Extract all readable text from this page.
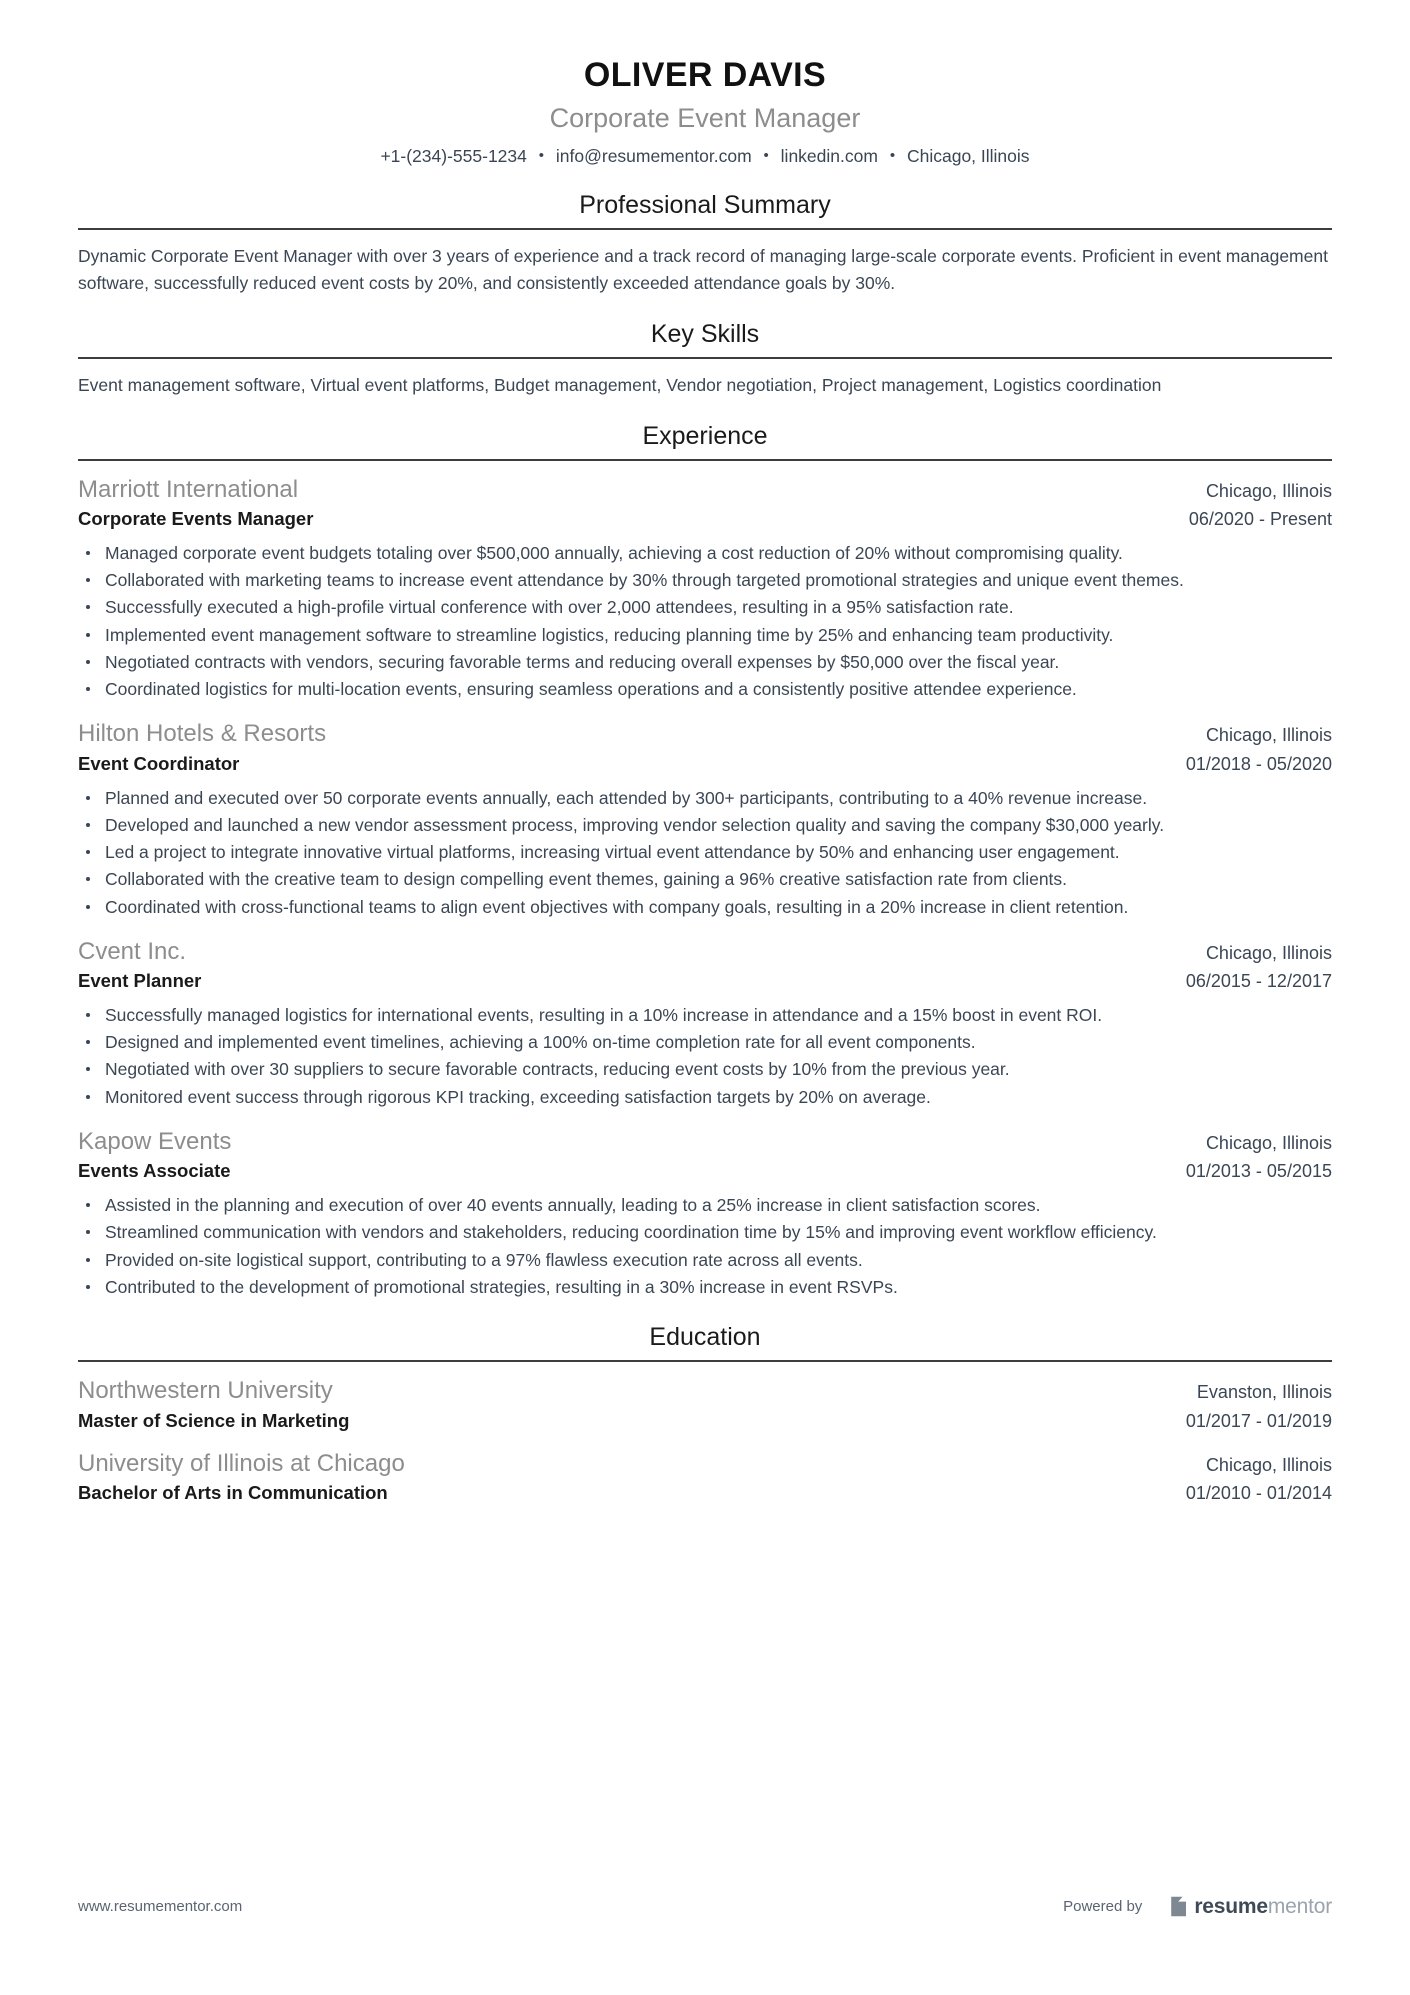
OLIVER DAVIS
Corporate Event Manager
+1-(234)-555-1234 • info@resumementor.com • linkedin.com • Chicago, Illinois
Professional Summary
Dynamic Corporate Event Manager with over 3 years of experience and a track record of managing large-scale corporate events. Proficient in event management software, successfully reduced event costs by 20%, and consistently exceeded attendance goals by 30%.
Key Skills
Event management software, Virtual event platforms, Budget management, Vendor negotiation, Project management, Logistics coordination
Experience
Marriott International	Chicago, Illinois
Corporate Events Manager	06/2020 - Present
Managed corporate event budgets totaling over $500,000 annually, achieving a cost reduction of 20% without compromising quality.
Collaborated with marketing teams to increase event attendance by 30% through targeted promotional strategies and unique event themes.
Successfully executed a high-profile virtual conference with over 2,000 attendees, resulting in a 95% satisfaction rate.
Implemented event management software to streamline logistics, reducing planning time by 25% and enhancing team productivity.
Negotiated contracts with vendors, securing favorable terms and reducing overall expenses by $50,000 over the fiscal year.
Coordinated logistics for multi-location events, ensuring seamless operations and a consistently positive attendee experience.
Hilton Hotels & Resorts	Chicago, Illinois
Event Coordinator	01/2018 - 05/2020
Planned and executed over 50 corporate events annually, each attended by 300+ participants, contributing to a 40% revenue increase.
Developed and launched a new vendor assessment process, improving vendor selection quality and saving the company $30,000 yearly.
Led a project to integrate innovative virtual platforms, increasing virtual event attendance by 50% and enhancing user engagement.
Collaborated with the creative team to design compelling event themes, gaining a 96% creative satisfaction rate from clients.
Coordinated with cross-functional teams to align event objectives with company goals, resulting in a 20% increase in client retention.
Cvent Inc.	Chicago, Illinois
Event Planner	06/2015 - 12/2017
Successfully managed logistics for international events, resulting in a 10% increase in attendance and a 15% boost in event ROI.
Designed and implemented event timelines, achieving a 100% on-time completion rate for all event components.
Negotiated with over 30 suppliers to secure favorable contracts, reducing event costs by 10% from the previous year.
Monitored event success through rigorous KPI tracking, exceeding satisfaction targets by 20% on average.
Kapow Events	Chicago, Illinois
Events Associate	01/2013 - 05/2015
Assisted in the planning and execution of over 40 events annually, leading to a 25% increase in client satisfaction scores.
Streamlined communication with vendors and stakeholders, reducing coordination time by 15% and improving event workflow efficiency.
Provided on-site logistical support, contributing to a 97% flawless execution rate across all events.
Contributed to the development of promotional strategies, resulting in a 30% increase in event RSVPs.
Education
Northwestern University	Evanston, Illinois
Master of Science in Marketing	01/2017 - 01/2019
University of Illinois at Chicago	Chicago, Illinois
Bachelor of Arts in Communication	01/2010 - 01/2014
www.resumementor.com	Powered by resumementor
